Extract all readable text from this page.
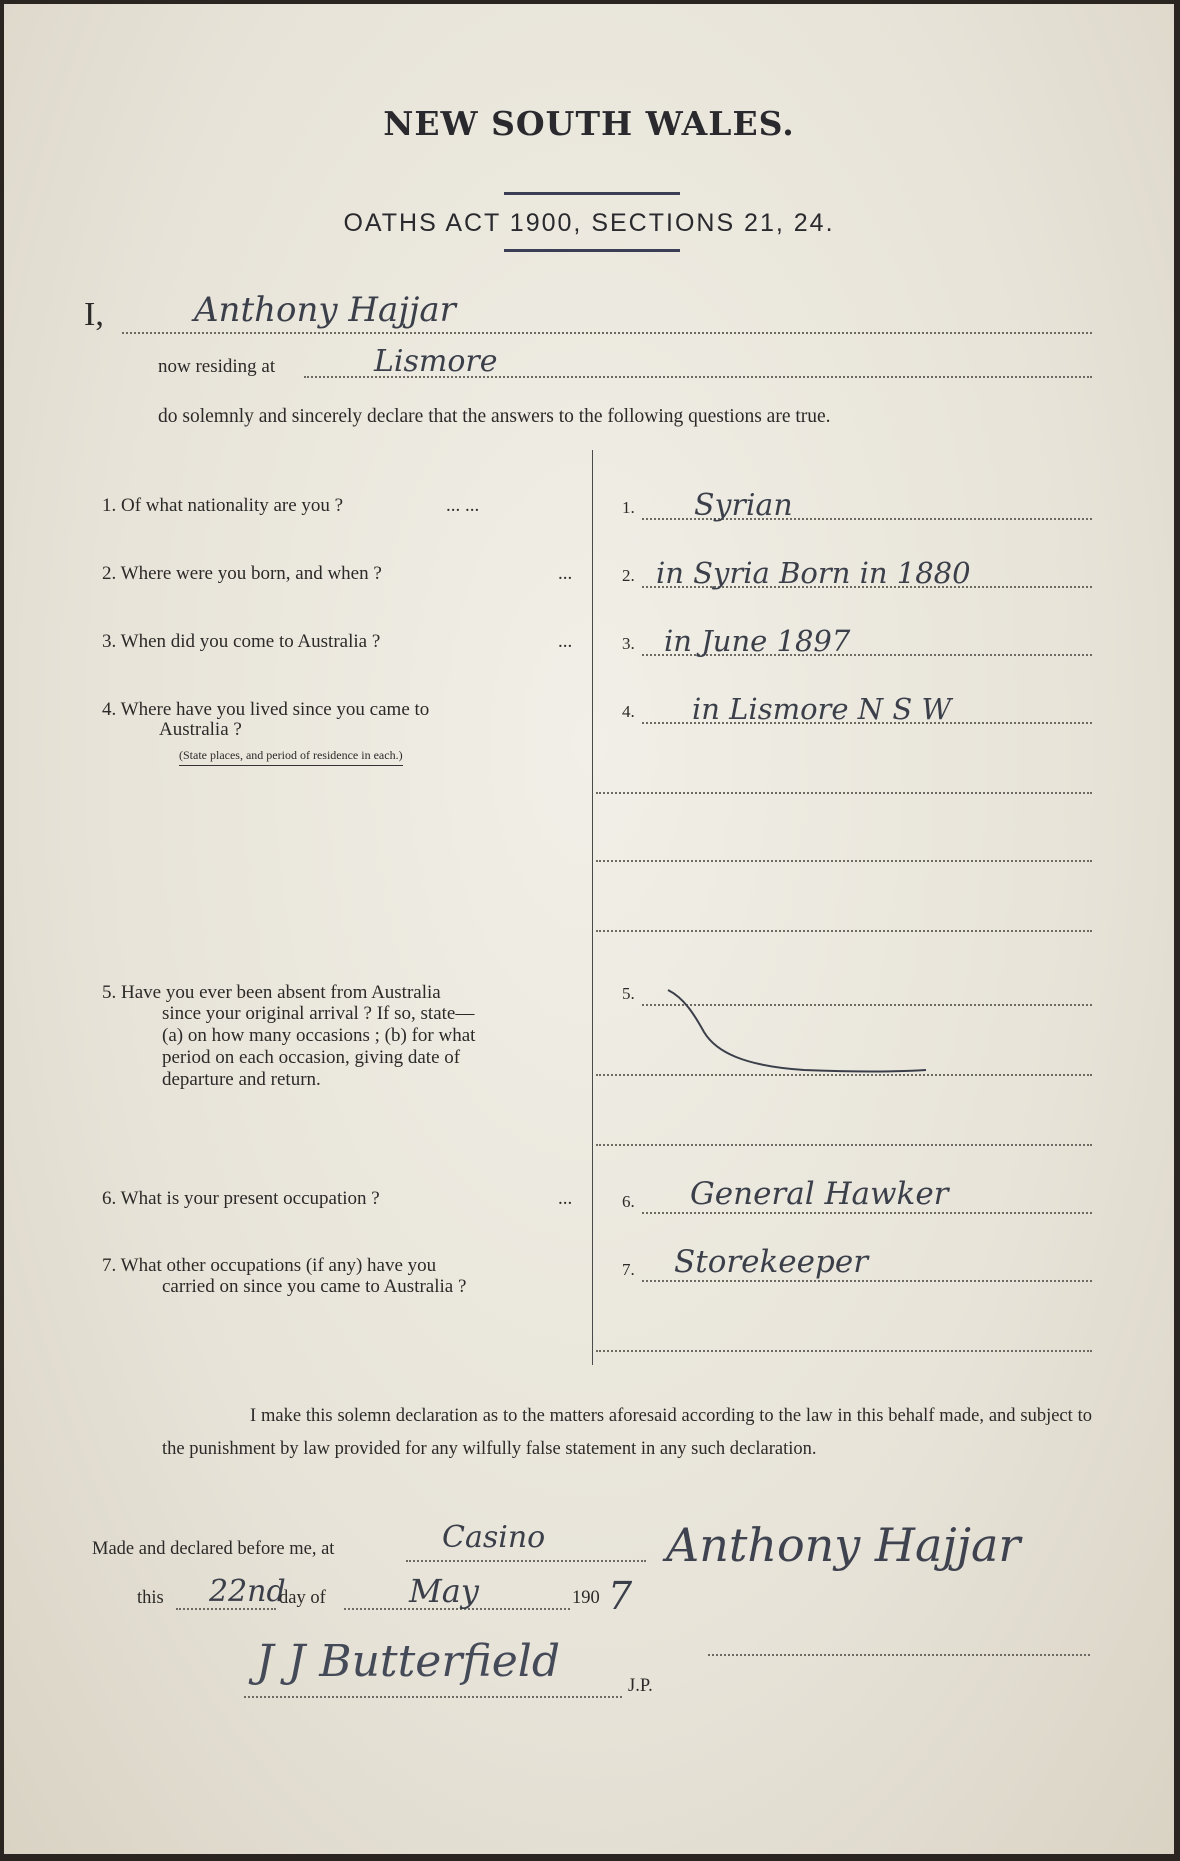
NEW SOUTH WALES.
OATHS ACT 1900, SECTIONS 21, 24.
I,	Anthony Hajjar
now residing at	Lismore
do solemnly and sincerely declare that the answers to the following questions are true.
1. Of what nationality are you ?	... ...	1. Syrian
2. Where were you born, and when ?	...	2. in Syria Born in 1880
3. When did you come to Australia ?	...	3. in June 1897
4. Where have you lived since you came to
Australia ?
(State places, and period of residence in each.)
4. in Lismore N S W
5. Have you ever been absent from Australia
since your original arrival ? If so, state—
(a) on how many occasions ; (b) for what
period on each occasion, giving date of
departure and return.
5.
6. What is your present occupation ?	...	6. General Hawker
7. What other occupations (if any) have you
carried on since you came to Australia ?
7. Storekeeper
I make this solemn declaration as to the matters aforesaid according to the law in this behalf made, and subject to the punishment by law provided for any wilfully false statement in any such declaration.
Made and declared before me, at	Casino
this 22nd
day of	May	190 7
J J Butterfield	J.P.
Anthony Hajjar
